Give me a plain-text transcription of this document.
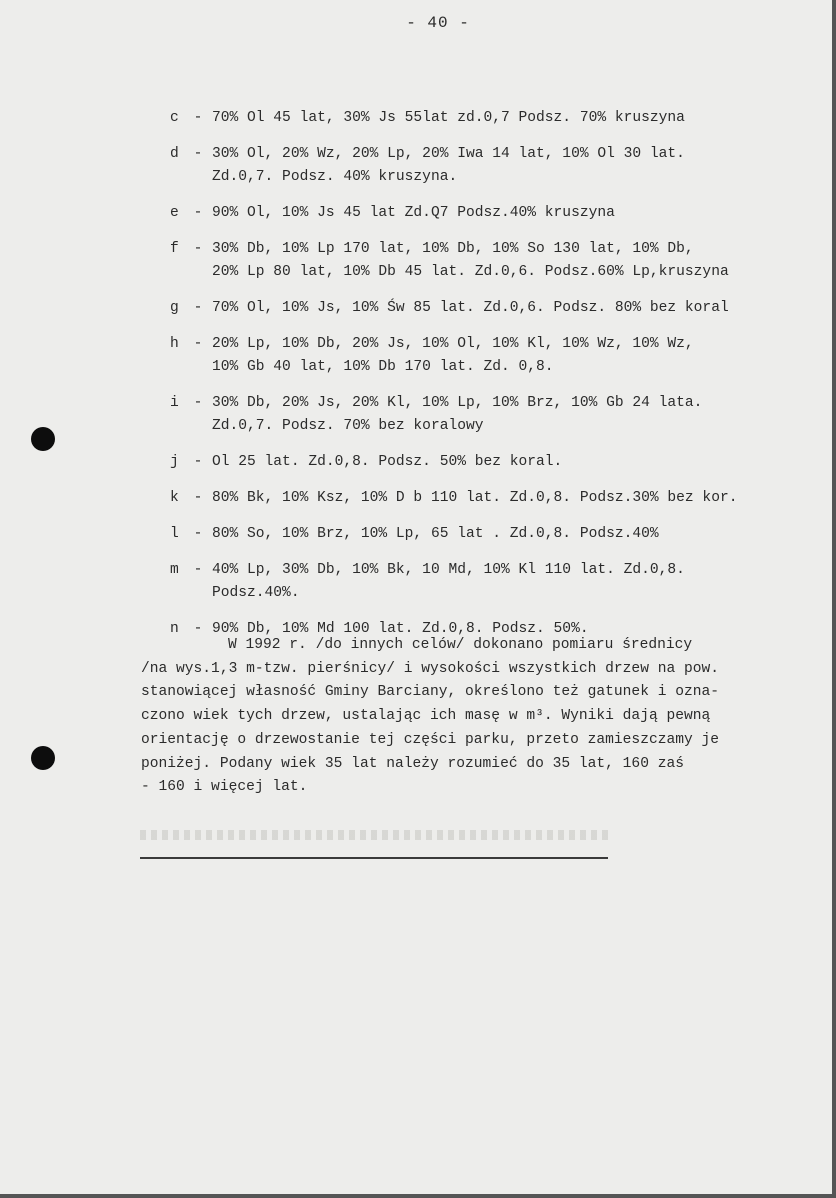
- 40 -
c	- 70% Ol 45 lat, 30% Js 55lat zd.0,7 Podsz. 70% kruszyna
d	- 30% Ol, 20% Wz, 20% Lp, 20% Iwa 14 lat, 10% Ol 30 lat.
Zd.0,7. Podsz. 40% kruszyna.
e	- 90% Ol, 10% Js 45 lat Zd.Q7 Podsz.40% kruszyna
f	- 30% Db, 10% Lp 170 lat, 10% Db, 10% So 130 lat, 10% Db,
20% Lp 80 lat, 10% Db 45 lat. Zd.0,6. Podsz.60% Lp,kruszyna
g	- 70% Ol, 10% Js, 10% Św 85 lat. Zd.0,6. Podsz. 80% bez koral
h	- 20% Lp, 10% Db, 20% Js, 10% Ol, 10% Kl, 10% Wz, 10% Wz,
10% Gb 40 lat, 10% Db 170 lat. Zd. 0,8.
i	- 30% Db, 20% Js, 20% Kl, 10% Lp, 10% Brz, 10% Gb 24 lata.
Zd.0,7. Podsz. 70% bez koralowy
j	- Ol 25 lat. Zd.0,8. Podsz. 50% bez koral.
k	- 80% Bk, 10% Ksz, 10% D b 110 lat. Zd.0,8. Podsz.30% bez kor.
l	- 80% So, 10% Brz, 10% Lp, 65 lat . Zd.0,8. Podsz.40%
m	- 40% Lp, 30% Db, 10% Bk, 10 Md, 10% Kl 110 lat. Zd.0,8.
Podsz.40%.
n	- 90% Db, 10% Md 100 lat. Zd.0,8. Podsz. 50%.
W 1992 r. /do innych celów/ dokonano pomiaru średnicy
/na wys.1,3 m-tzw. pierśnicy/ i wysokości wszystkich drzew na pow.
stanowiącej własność Gminy Barciany, określono też gatunek i ozna-
czono wiek tych drzew, ustalając ich masę w m³. Wyniki dają pewną
orientację o drzewostanie tej części parku, przeto zamieszczamy je
poniżej. Podany wiek 35 lat należy rozumieć do 35 lat, 160 zaś
- 160 i więcej lat.
